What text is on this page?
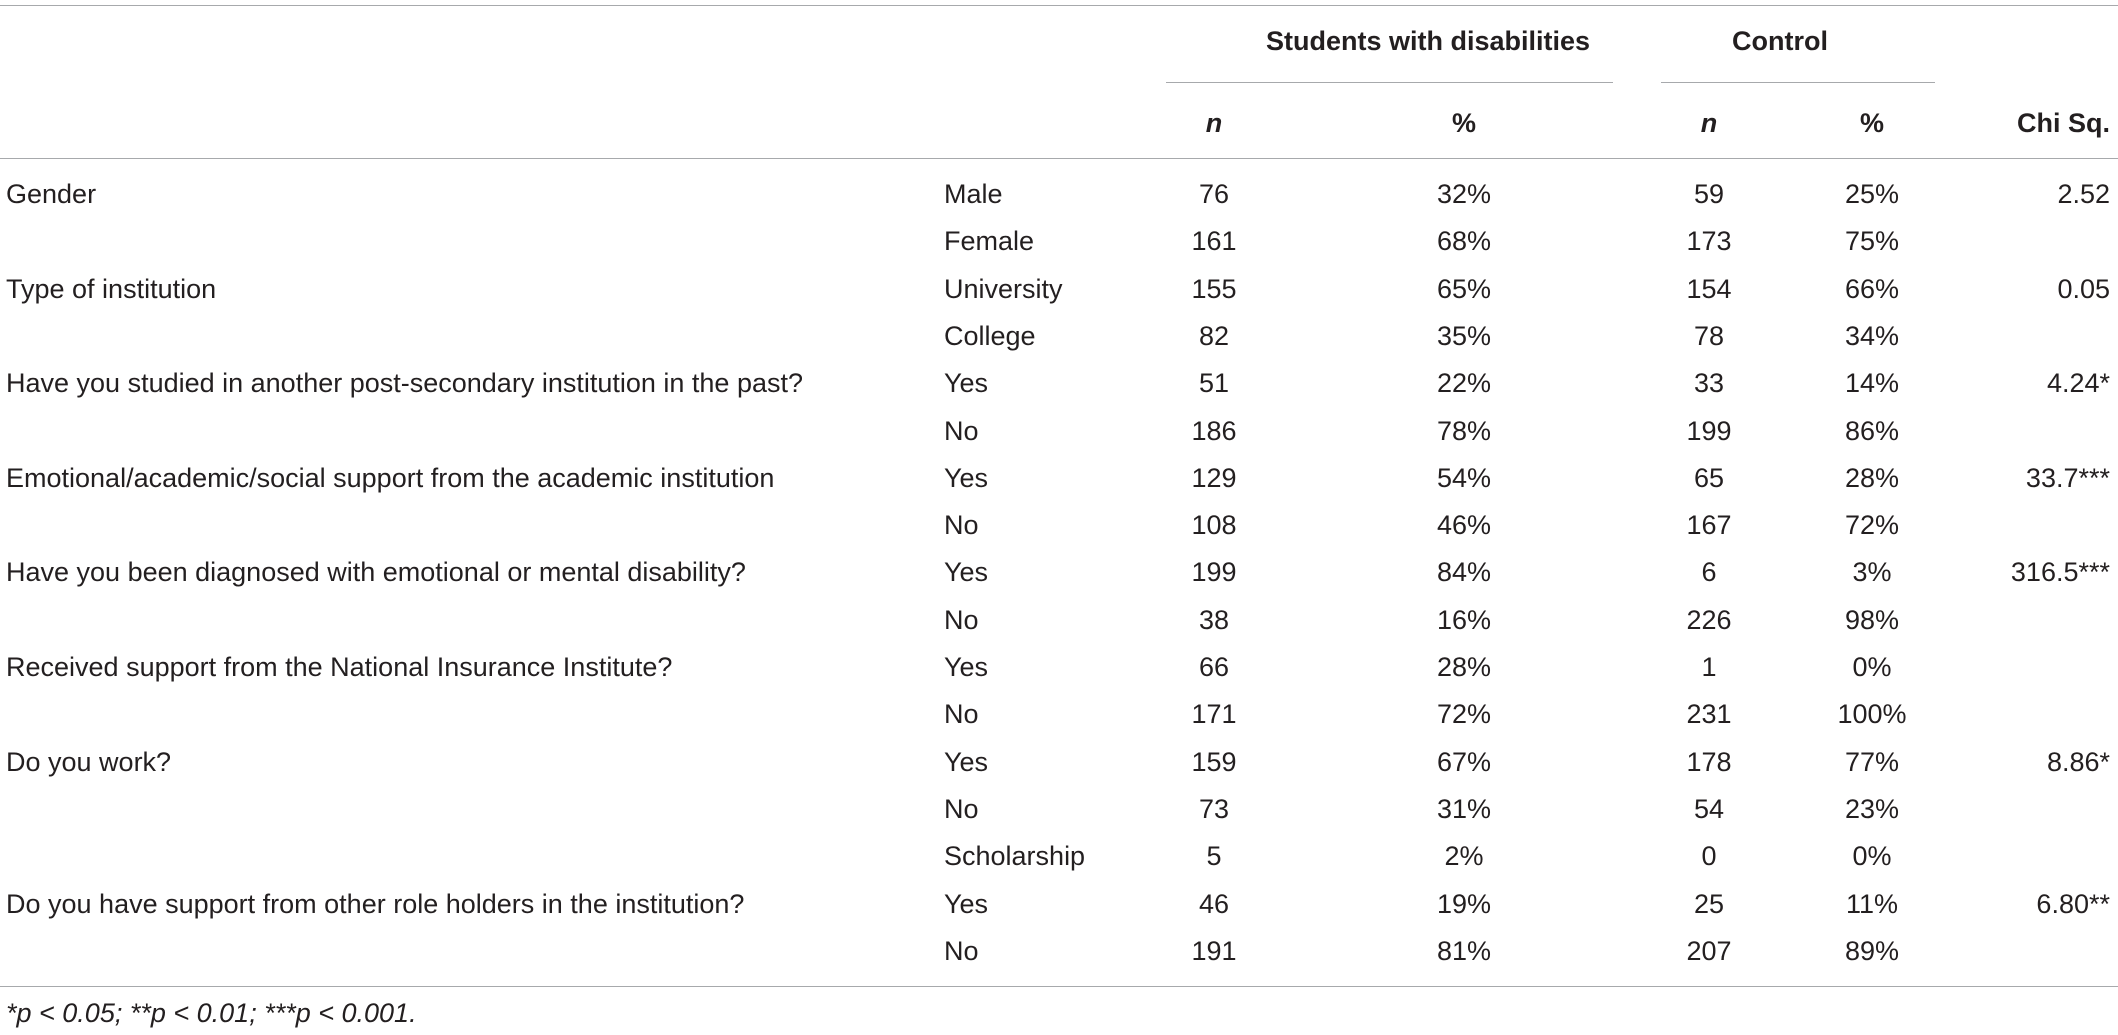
Students with disabilities	Control
n	%	n	%	Chi Sq.
Gender	Male	76	32%	59	25%	2.52
Female	161	68%	173	75%
Type of institution	University	155	65%	154	66%	0.05
College	82	35%	78	34%
Have you studied in another post-secondary institution in the past?	Yes	51	22%	33	14%	4.24*
No	186	78%	199	86%
Emotional/academic/social support from the academic institution	Yes	129	54%	65	28%	33.7***
No	108	46%	167	72%
Have you been diagnosed with emotional or mental disability?	Yes	199	84%	6	3%	316.5***
No	38	16%	226	98%
Received support from the National Insurance Institute?	Yes	66	28%	1	0%
No	171	72%	231	100%
Do you work?	Yes	159	67%	178	77%	8.86*
No	73	31%	54	23%
Scholarship	5	2%	0	0%
Do you have support from other role holders in the institution?	Yes	46	19%	25	11%	6.80**
No	191	81%	207	89%
*p < 0.05; **p < 0.01; ***p < 0.001.
